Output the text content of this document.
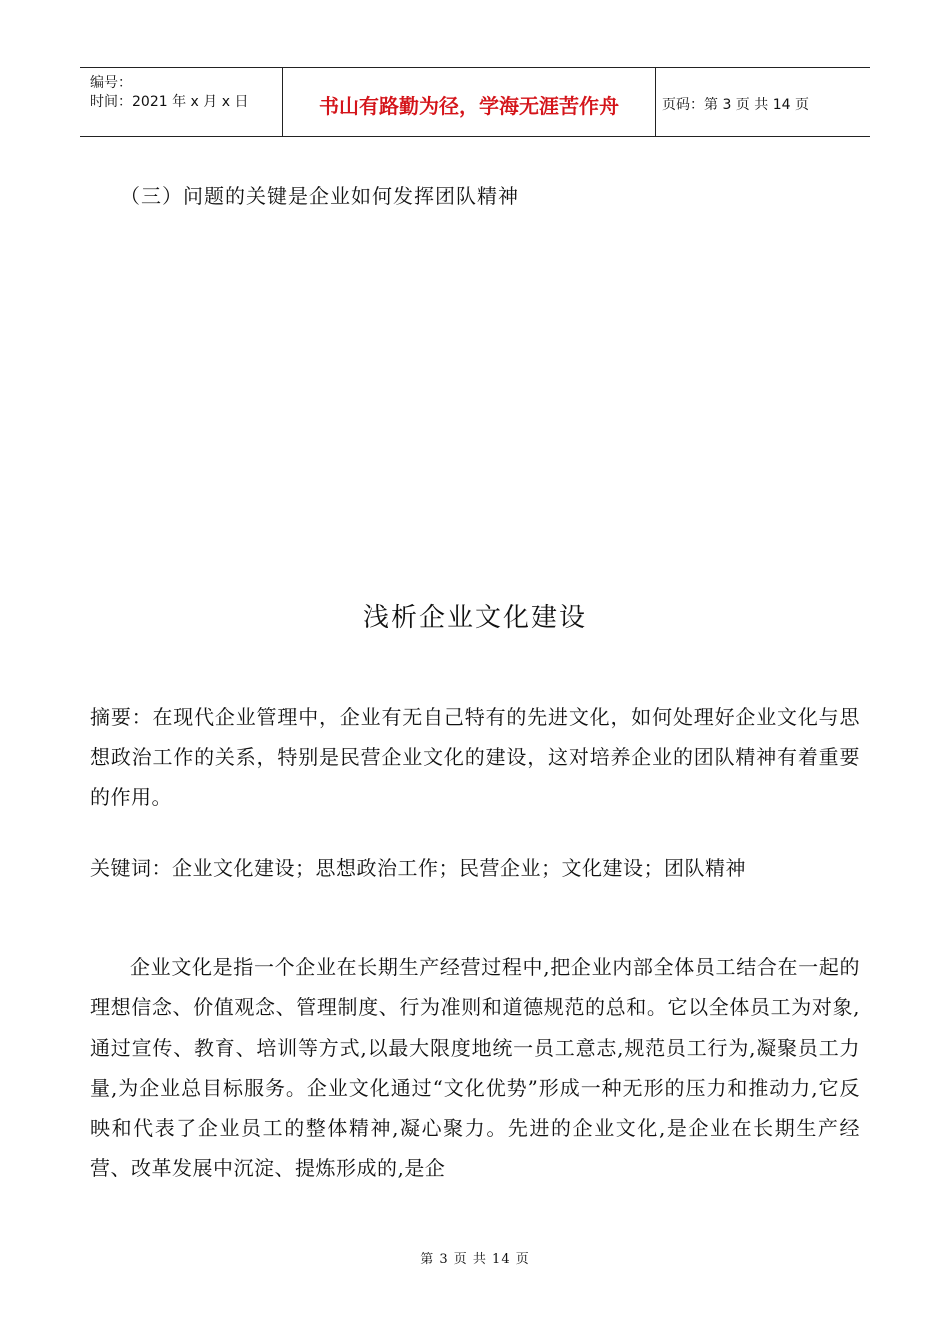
编号：
时间：2021 年 x 月 x 日	书山有路勤为径，学海无涯苦作舟	页码：第 3 页 共 14 页
（三）问题的关键是企业如何发挥团队精神
浅析企业文化建设
摘要：在现代企业管理中，企业有无自己特有的先进文化，如何处理好企业文化与思想政治工作的关系，特别是民营企业文化的建设，这对培养企业的团队精神有着重要的作用。
关键词：企业文化建设；思想政治工作；民营企业；文化建设；团队精神
企业文化是指一个企业在长期生产经营过程中,把企业内部全体员工结合在一起的理想信念、价值观念、管理制度、行为准则和道德规范的总和。它以全体员工为对象,通过宣传、教育、培训等方式,以最大限度地统一员工意志,规范员工行为,凝聚员工力量,为企业总目标服务。企业文化通过“文化优势”形成一种无形的压力和推动力,它反映和代表了企业员工的整体精神,凝心聚力。先进的企业文化,是企业在长期生产经营、改革发展中沉淀、提炼形成的,是企
第 3 页 共 14 页
